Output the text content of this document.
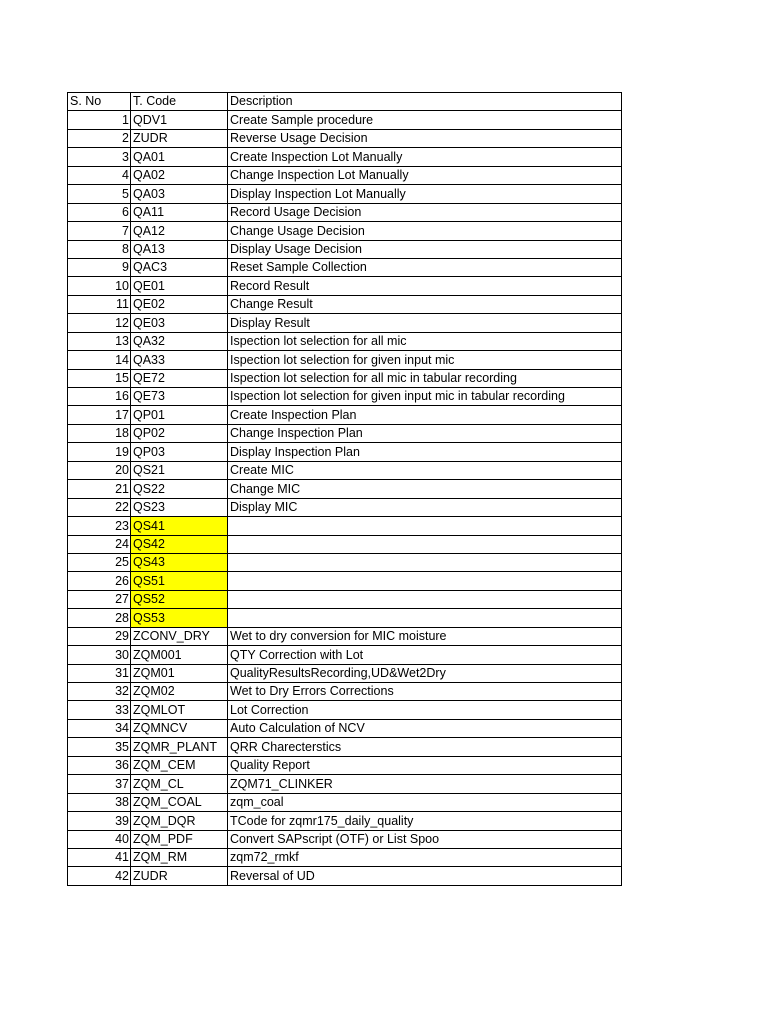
S. No	T. Code	Description
1	QDV1	Create Sample procedure
2	ZUDR	Reverse Usage Decision
3	QA01	Create Inspection Lot Manually
4	QA02	Change Inspection Lot Manually
5	QA03	Display Inspection Lot Manually
6	QA11	Record Usage Decision
7	QA12	Change Usage Decision
8	QA13	Display Usage Decision
9	QAC3	Reset Sample Collection
10	QE01	Record Result
11	QE02	Change Result
12	QE03	Display Result
13	QA32	Ispection lot selection for all mic
14	QA33	Ispection lot selection for given input mic
15	QE72	Ispection lot selection for all mic in tabular recording
16	QE73	Ispection lot selection for given input mic in tabular recording
17	QP01	Create Inspection Plan
18	QP02	Change Inspection Plan
19	QP03	Display Inspection Plan
20	QS21	Create MIC
21	QS22	Change MIC
22	QS23	Display MIC
23	QS41	
24	QS42	
25	QS43	
26	QS51	
27	QS52	
28	QS53	
29	ZCONV_DRY	Wet to dry conversion for MIC moisture
30	ZQM001	QTY Correction with Lot
31	ZQM01	QualityResultsRecording,UD&Wet2Dry
32	ZQM02	Wet to Dry Errors Corrections
33	ZQMLOT	Lot Correction
34	ZQMNCV	Auto Calculation of NCV
35	ZQMR_PLANT	QRR Charecterstics
36	ZQM_CEM	Quality Report
37	ZQM_CL	ZQM71_CLINKER
38	ZQM_COAL	zqm_coal
39	ZQM_DQR	TCode for zqmr175_daily_quality
40	ZQM_PDF	Convert SAPscript (OTF) or List Spoo
41	ZQM_RM	zqm72_rmkf
42	ZUDR	Reversal of UD
